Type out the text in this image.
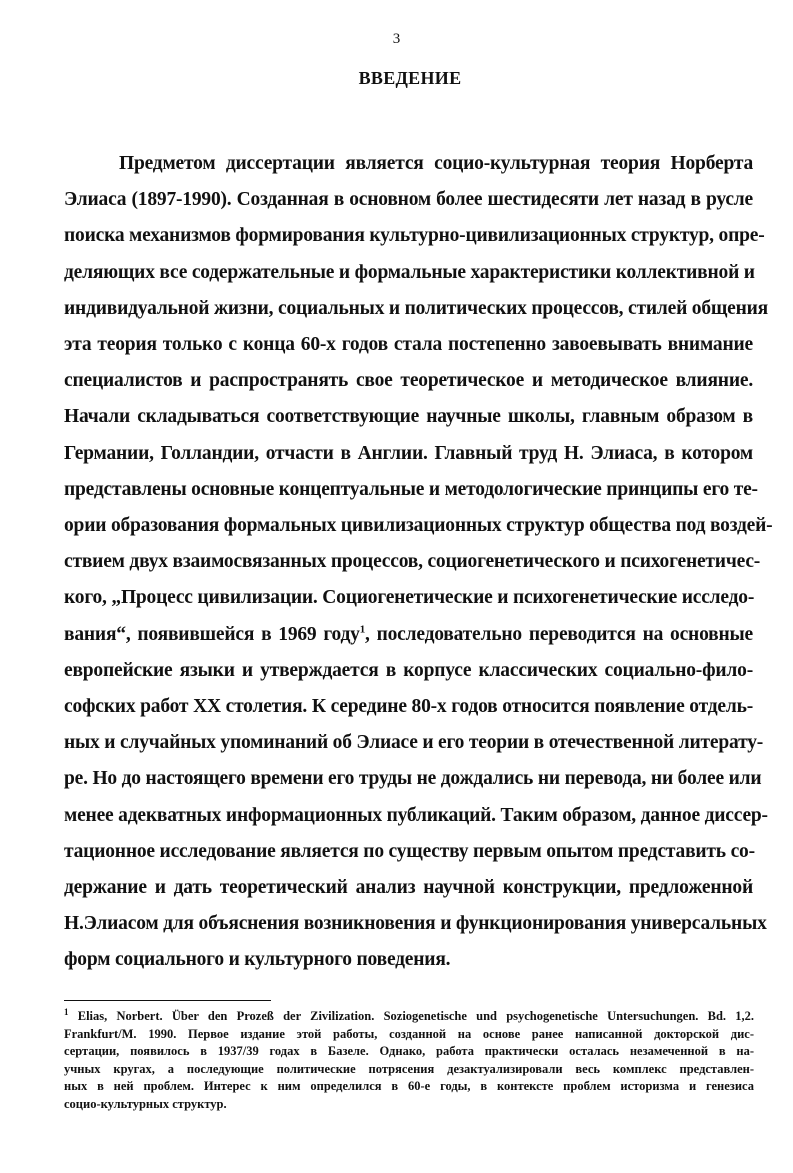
3
ВВЕДЕНИЕ
Предметом диссертации является социо-культурная теория Норберта
Элиаса (1897-1990). Созданная в основном более шестидесяти лет назад в русле
поиска механизмов формирования культурно-цивилизационных структур, опре-
деляющих все содержательные и формальные характеристики коллективной и
индивидуальной жизни, социальных и политических процессов, стилей общения
эта теория только с конца 60-х годов стала постепенно завоевывать внимание
специалистов и распространять свое теоретическое и методическое влияние.
Начали складываться соответствующие научные школы, главным образом в
Германии, Голландии, отчасти в Англии. Главный труд Н. Элиаса, в котором
представлены основные концептуальные и методологические принципы его те-
ории образования формальных цивилизационных структур общества под воздей-
ствием двух взаимосвязанных процессов, социогенетического и психогенетичес-
кого, „Процесс цивилизации. Социогенетические и психогенетические исследо-
вания“, появившейся в 1969 году$^1$, последовательно переводится на основные
европейские языки и утверждается в корпусе классических социально-фило-
софских работ XX столетия. К середине 80-х годов относится появление отдель-
ных и случайных упоминаний об Элиасе и его теории в отечественной литерату-
ре. Но до настоящего времени его труды не дождались ни перевода, ни более или
менее адекватных информационных публикаций. Таким образом, данное диссер-
тационное исследование является по существу первым опытом представить со-
держание и дать теоретический анализ научной конструкции, предложенной
Н.Элиасом для объяснения возникновения и функционирования универсальных
форм социального и культурного поведения.
$^1$ Elias, Norbert. Über den Prozeß der Zivilization. Soziogenetische und psychogenetische Untersuchungen. Bd. 1,2.
Frankfurt/M. 1990. Первое издание этой работы, созданной на основе ранее написанной докторской дис-
сертации, появилось в 1937/39 годах в Базеле. Однако, работа практически осталась незамеченной в на-
учных кругах, а последующие политические потрясения дезактуализировали весь комплекс представлен-
ных в ней проблем. Интерес к ним определился в 60-е годы, в контексте проблем историзма и генезиса
социо-культурных структур.
